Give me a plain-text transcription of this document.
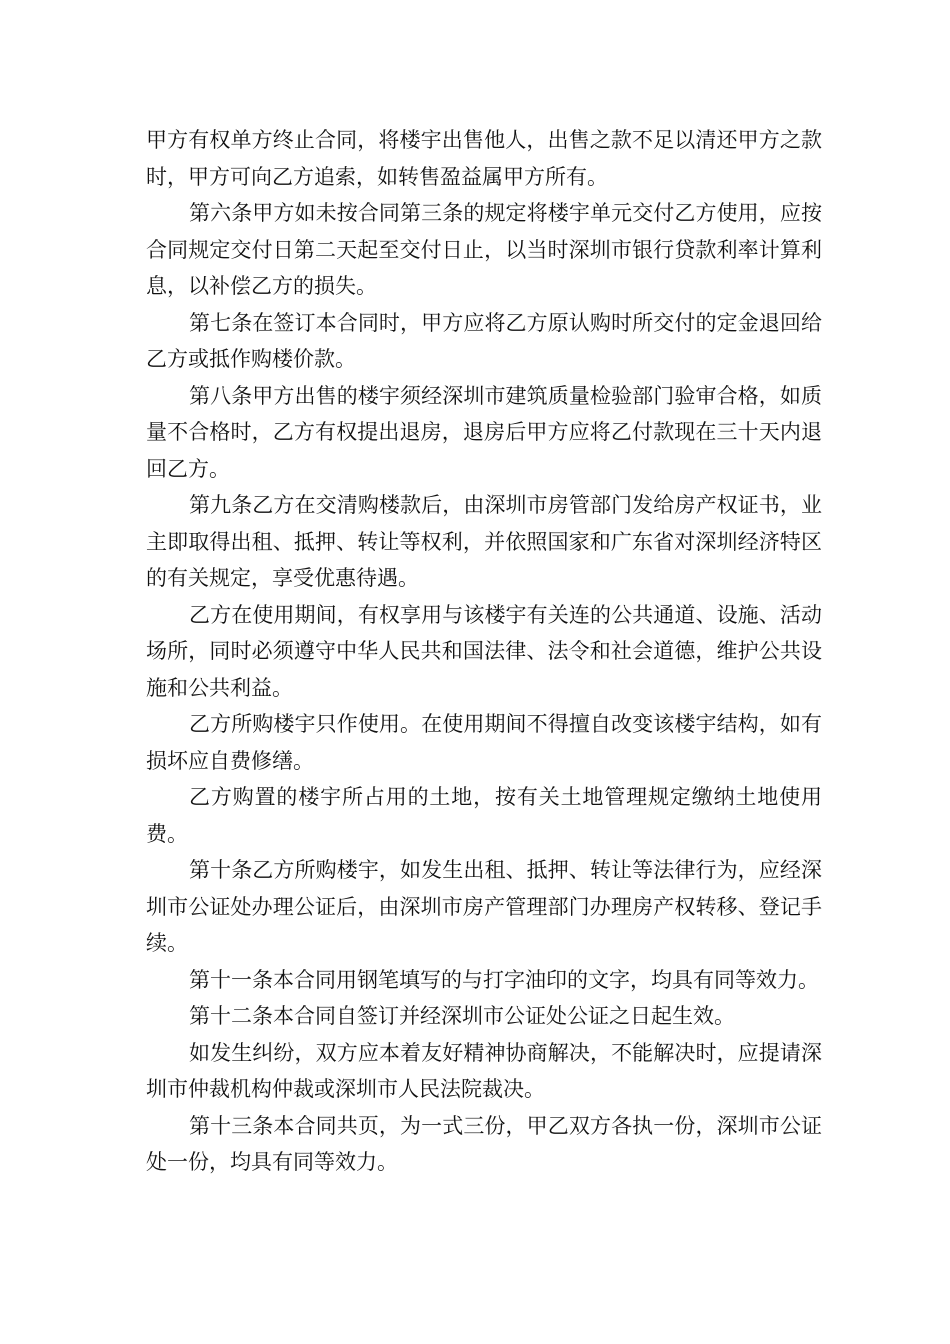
甲方有权单方终止合同，将楼宇出售他人，出售之款不足以清还甲方之款时，甲方可向乙方追索，如转售盈益属甲方所有。

第六条甲方如未按合同第三条的规定将楼宇单元交付乙方使用，应按合同规定交付日第二天起至交付日止，以当时深圳市银行贷款利率计算利息，以补偿乙方的损失。

第七条在签订本合同时，甲方应将乙方原认购时所交付的定金退回给乙方或抵作购楼价款。

第八条甲方出售的楼宇须经深圳市建筑质量检验部门验审合格，如质量不合格时，乙方有权提出退房，退房后甲方应将乙付款现在三十天内退回乙方。

第九条乙方在交清购楼款后，由深圳市房管部门发给房产权证书，业主即取得出租、抵押、转让等权利，并依照国家和广东省对深圳经济特区的有关规定，享受优惠待遇。

乙方在使用期间，有权享用与该楼宇有关连的公共通道、设施、活动场所，同时必须遵守中华人民共和国法律、法令和社会道德，维护公共设施和公共利益。

乙方所购楼宇只作使用。在使用期间不得擅自改变该楼宇结构，如有损坏应自费修缮。

乙方购置的楼宇所占用的土地，按有关土地管理规定缴纳土地使用费。

第十条乙方所购楼宇，如发生出租、抵押、转让等法律行为，应经深圳市公证处办理公证后，由深圳市房产管理部门办理房产权转移、登记手续。

第十一条本合同用钢笔填写的与打字油印的文字，均具有同等效力。

第十二条本合同自签订并经深圳市公证处公证之日起生效。

如发生纠纷，双方应本着友好精神协商解决，不能解决时，应提请深圳市仲裁机构仲裁或深圳市人民法院裁决。

第十三条本合同共页，为一式三份，甲乙双方各执一份，深圳市公证处一份，均具有同等效力。
